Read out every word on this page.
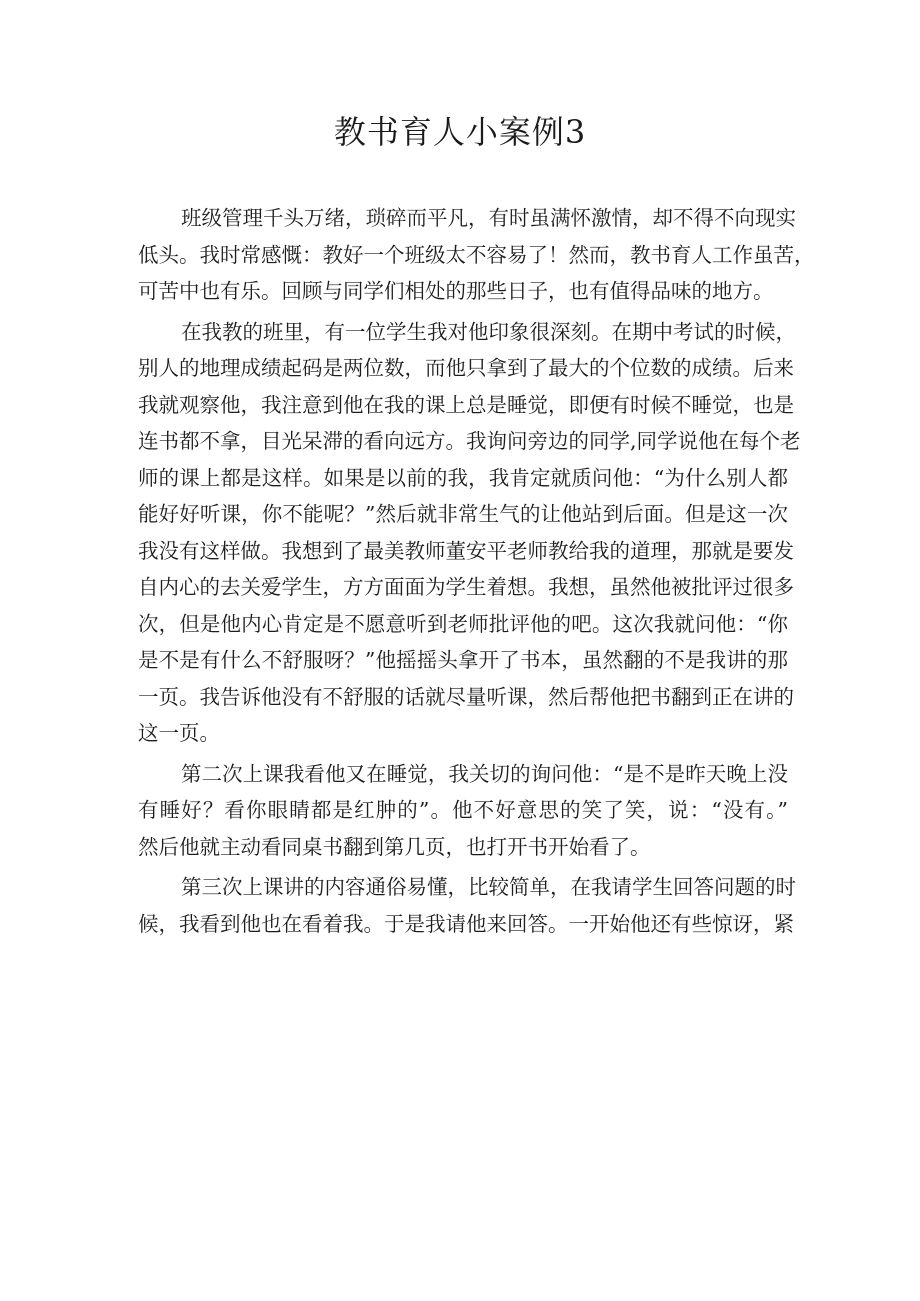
教书育人小案例3

班级管理千头万绪，琐碎而平凡，有时虽满怀激情，却不得不向现实
低头。我时常感慨：教好一个班级太不容易了！然而，教书育人工作虽苦，
可苦中也有乐。回顾与同学们相处的那些日子，也有值得品味的地方。

在我教的班里，有一位学生我对他印象很深刻。在期中考试的时候，
别人的地理成绩起码是两位数，而他只拿到了最大的个位数的成绩。后来
我就观察他，我注意到他在我的课上总是睡觉，即便有时候不睡觉，也是
连书都不拿，目光呆滞的看向远方。我询问旁边的同学,同学说他在每个老
师的课上都是这样。如果是以前的我，我肯定就质问他：“为什么别人都
能好好听课，你不能呢？”然后就非常生气的让他站到后面。但是这一次
我没有这样做。我想到了最美教师董安平老师教给我的道理，那就是要发
自内心的去关爱学生，方方面面为学生着想。我想，虽然他被批评过很多
次，但是他内心肯定是不愿意听到老师批评他的吧。这次我就问他：“你
是不是有什么不舒服呀？”他摇摇头拿开了书本，虽然翻的不是我讲的那
一页。我告诉他没有不舒服的话就尽量听课，然后帮他把书翻到正在讲的
这一页。

第二次上课我看他又在睡觉，我关切的询问他：“是不是昨天晚上没
有睡好？看你眼睛都是红肿的”。他不好意思的笑了笑，说：“没有。”
然后他就主动看同桌书翻到第几页，也打开书开始看了。

第三次上课讲的内容通俗易懂，比较简单，在我请学生回答问题的时
候，我看到他也在看着我。于是我请他来回答。一开始他还有些惊讶，紧
